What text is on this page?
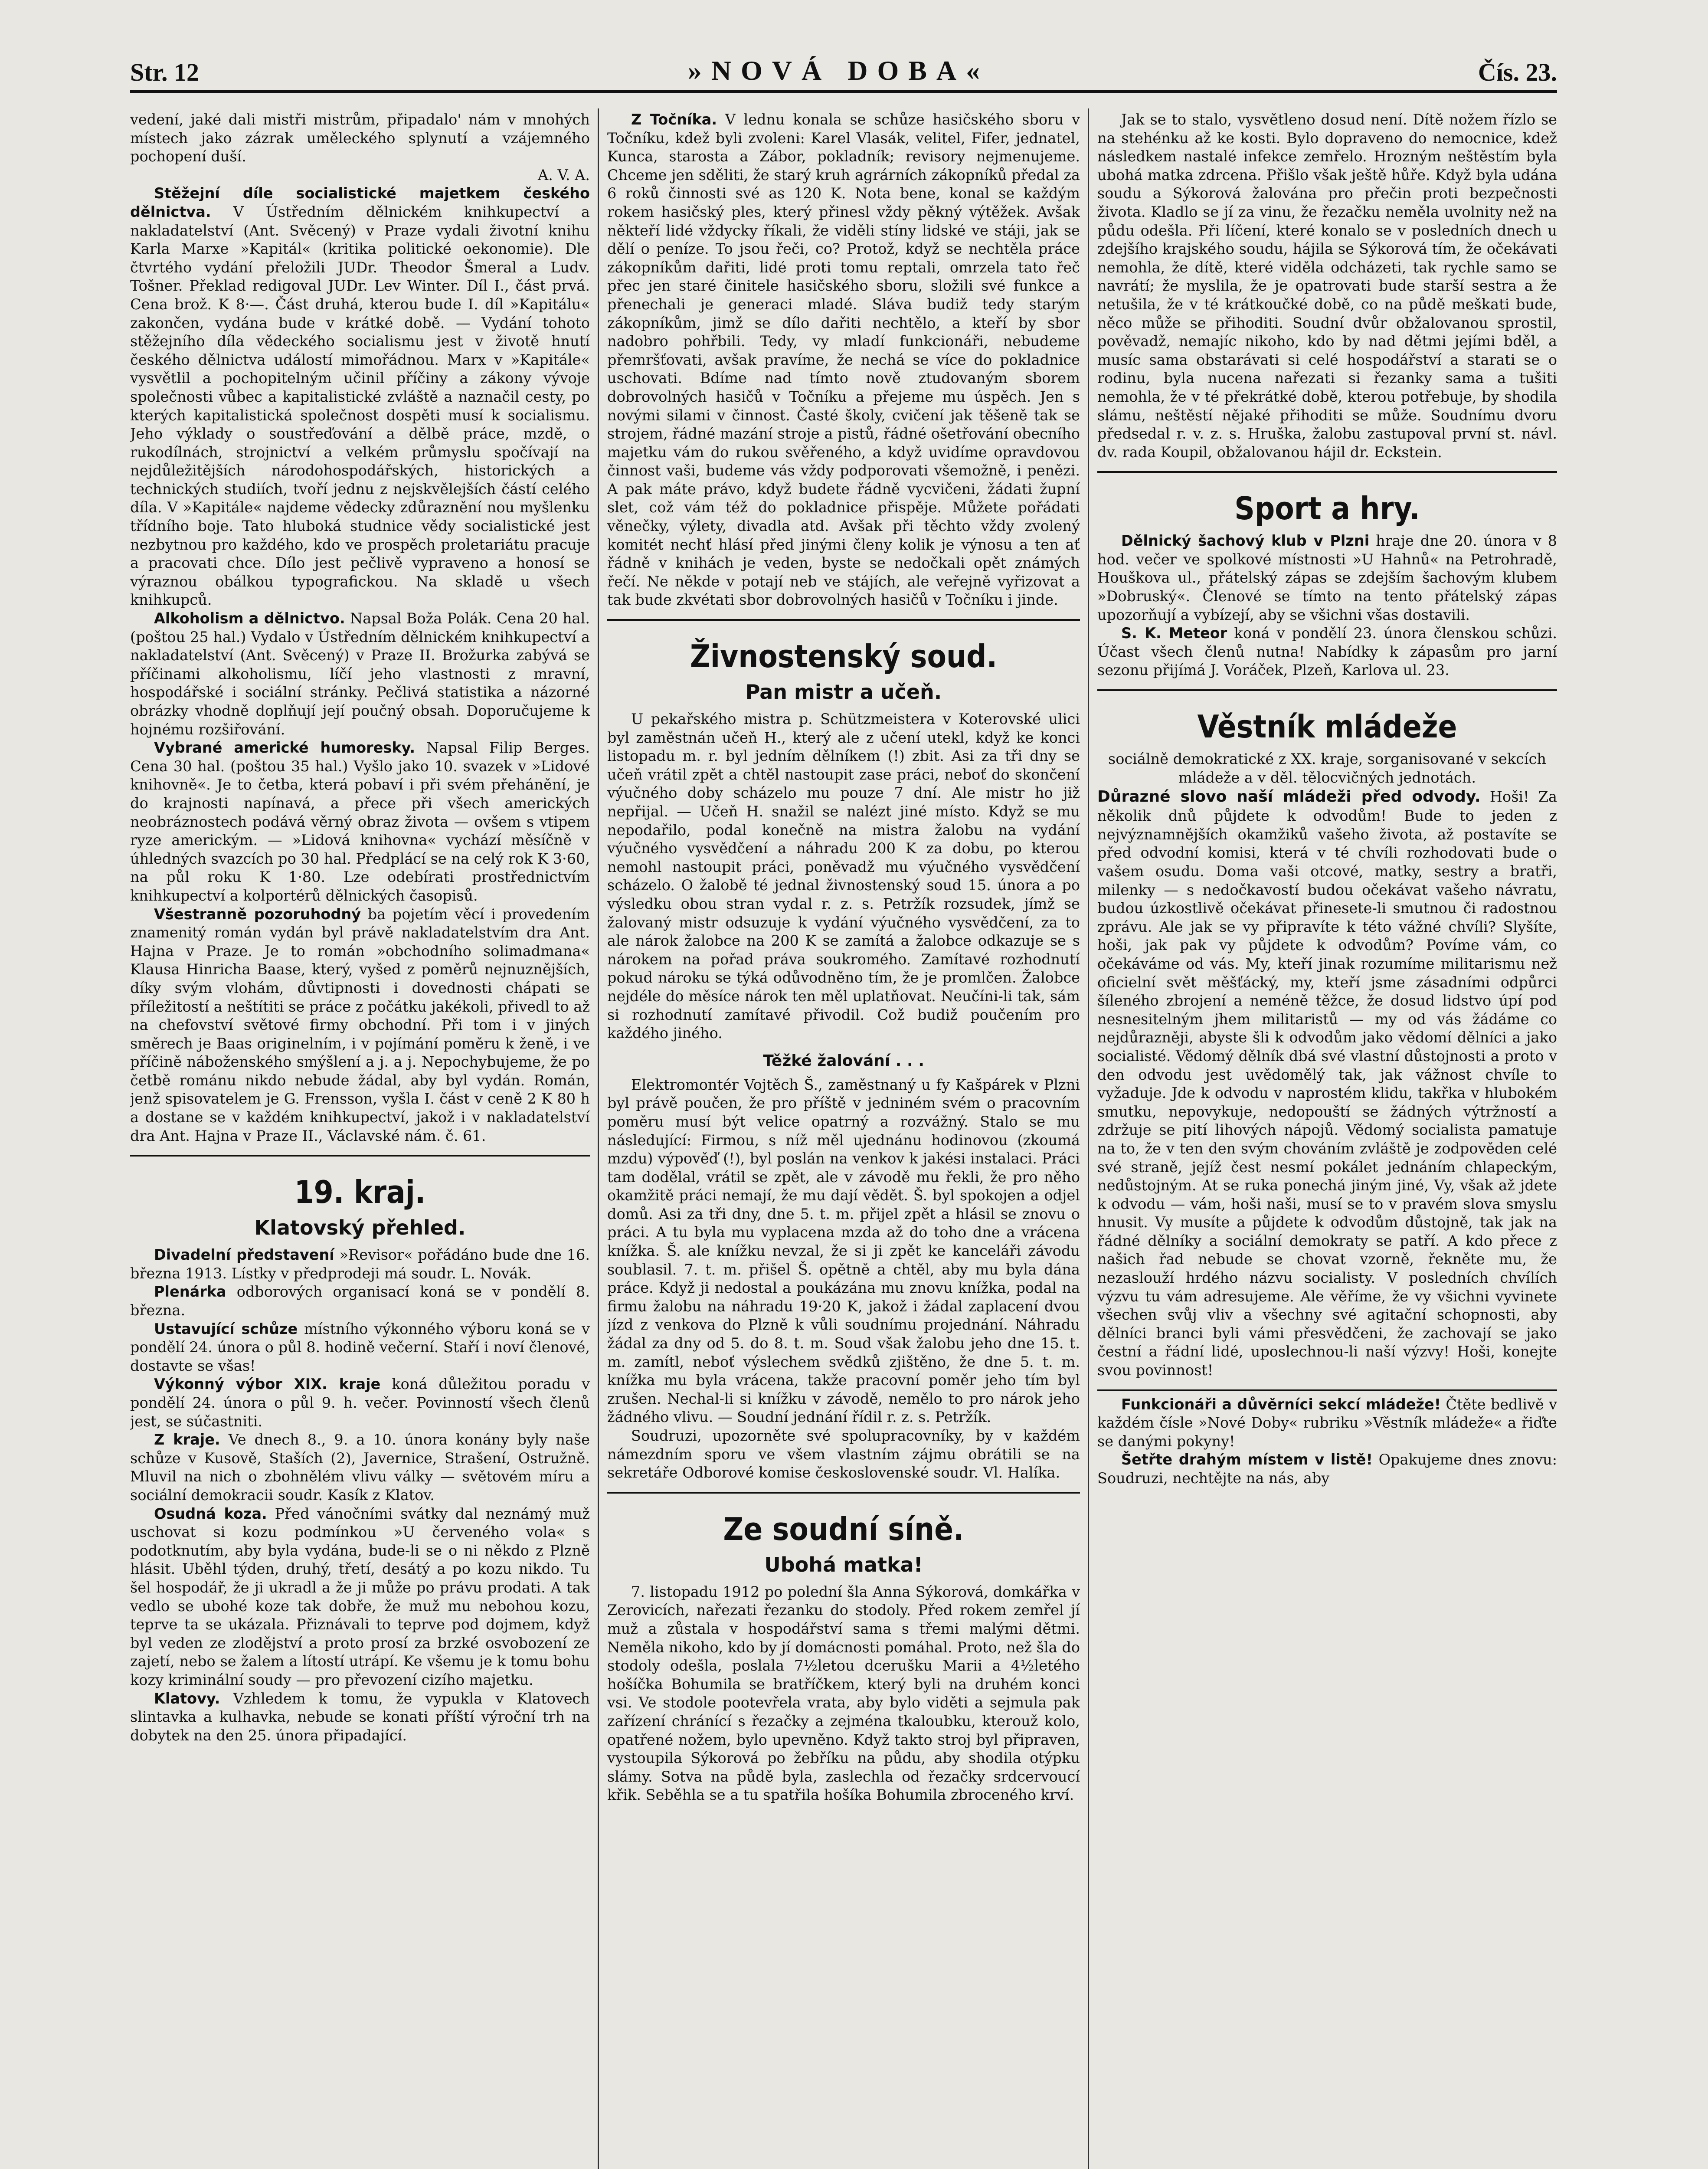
Str. 12	»NOVÁ DOBA«	Čís. 23.

vedení, jaké dali mistři mistrům, připadalo' nám v mnohých místech jako zázrak uměleckého splynutí a vzájemného pochopení duší.

A. V. A.

Stěžejní díle socialistické majetkem českého dělnictva. V Ústředním dělnickém knihkupectví a nakladatelství (Ant. Svěcený) v Praze vydali životní knihu Karla Marxe »Kapitál« (kritika politické oekonomie). Dle čtvrtého vydání přeložili JUDr. Theodor Šmeral a Ludv. Tošner. Překlad redigoval JUDr. Lev Winter. Díl I., část prvá. Cena brož. K 8·—. Část druhá, kterou bude I. díl »Kapitálu« zakončen, vydána bude v krátké době. — Vydání tohoto stěžejního díla vědeckého socialismu jest v životě hnutí českého dělnictva událostí mimořádnou. Marx v »Kapitále« vysvětlil a pochopitelným učinil příčiny a zákony vývoje společnosti vůbec a kapitalistické zvláště a naznačil cesty, po kterých kapitalistická společnost dospěti musí k socialismu. Jeho výklady o soustřeďování a dělbě práce, mzdě, o rukodílnách, strojnictví a velkém průmyslu spočívají na nejdůležitějších národohospodářských, historických a technických studiích, tvoří jednu z nejskvělejších částí celého díla. V »Kapitále« najdeme vědecky zdůraznění nou myšlenku třídního boje. Tato hluboká studnice vědy socialistické jest nezbytnou pro každého, kdo ve prospěch proletariátu pracuje a pracovati chce. Dílo jest pečlivě vypraveno a honosí se výraznou obálkou typografickou. Na skladě u všech knihkupců.

Alkoholism a dělnictvo. Napsal Boža Polák. Cena 20 hal. (poštou 25 hal.) Vydalo v Ústředním dělnickém knihkupectví a nakladatelství (Ant. Svěcený) v Praze II. Brožurka zabývá se příčinami alkoholismu, líčí jeho vlastnosti z mravní, hospodářské i sociální stránky. Pečlivá statistika a názorné obrázky vhodně doplňují její poučný obsah. Doporučujeme k hojnému rozšiřování.

Vybrané americké humoresky. Napsal Filip Berges. Cena 30 hal. (poštou 35 hal.) Vyšlo jako 10. svazek v »Lidové knihovně«. Je to četba, která pobaví i při svém přehánění, je do krajnosti napínavá, a přece při všech amerických neobráznostech podává věrný obraz života — ovšem s vtipem ryze americkým. — »Lidová knihovna« vychází měsíčně v úhledných svazcích po 30 hal. Předplácí se na celý rok K 3·60, na půl roku K 1·80. Lze odebírati prostřednictvím knihkupectví a kolportérů dělnických časopisů.

Všestranně pozoruhodný ba pojetím věcí i provedením znamenitý román vydán byl právě nakladatelstvím dra Ant. Hajna v Praze. Je to román »obchodního solimadmana« Klausa Hinricha Baase, který, vyšed z poměrů nejnuznějších, díky svým vlohám, důvtipnosti i dovednosti chápati se příležitostí a neštítiti se práce z počátku jakékoli, přivedl to až na chefovství světové firmy obchodní. Při tom i v jiných směrech je Baas originelním, i v pojímání poměru k ženě, i ve příčině náboženského smýšlení a j. a j. Nepochybujeme, že po četbě románu nikdo nebude žádal, aby byl vydán. Román, jenž spisovatelem je G. Frensson, vyšla I. část v ceně 2 K 80 h a dostane se v každém knihkupectví, jakož i v nakladatelství dra Ant. Hajna v Praze II., Václavské nám. č. 61.

19. kraj.
Klatovský přehled.

Divadelní představení »Revisor« pořádáno bude dne 16. března 1913. Lístky v předprodeji má soudr. L. Novák.

Plenárka odborových organisací koná se v pondělí 8. března.

Ustavující schůze místního výkonného výboru koná se v pondělí 24. února o půl 8. hodině večerní. Staří i noví členové, dostavte se všas!

Výkonný výbor XIX. kraje koná důležitou poradu v pondělí 24. února o půl 9. h. večer. Povinností všech členů jest, se súčastniti.

Z kraje. Ve dnech 8., 9. a 10. února konány byly naše schůze v Kusově, Staších (2), Javernice, Strašení, Ostružně. Mluvil na nich o zbohnělém vlivu války — světovém míru a sociální demokracii soudr. Kasík z Klatov.

Osudná koza. Před vánočními svátky dal neznámý muž uschovat si kozu podmínkou »U červeného vola« s podotknutím, aby byla vydána, bude-li se o ni někdo z Plzně hlásit. Uběhl týden, druhý, třetí, desátý a po kozu nikdo. Tu šel hospodář, že ji ukradl a že ji může po právu prodati. A tak vedlo se ubohé koze tak dobře, že muž mu nebohou kozu, teprve ta se ukázala. Přiznávali to teprve pod dojmem, když byl veden ze zlodějství a proto prosí za brzké osvobození ze zajetí, nebo se žalem a lítostí utrápí. Ke všemu je k tomu bohu kozy kriminální soudy — pro převození cizího majetku.

Klatovy. Vzhledem k tomu, že vypukla v Klatovech slintavka a kulhavka, nebude se konati příští výroční trh na dobytek na den 25. února připadající.

Z Točníka. V lednu konala se schůze hasičského sboru v Točníku, kdež byli zvoleni: Karel Vlasák, velitel, Fifer, jednatel, Kunca, starosta a Zábor, pokladník; revisory nejmenujeme. Chceme jen sděliti, že starý kruh agrárních zákopníků předal za 6 roků činnosti své as 120 K. Nota bene, konal se každým rokem hasičský ples, který přinesl vždy pěkný výtěžek. Avšak někteří lidé vždycky říkali, že viděli stíny lidské ve stáji, jak se dělí o peníze. To jsou řeči, co? Protož, když se nechtěla práce zákopníkům dařiti, lidé proti tomu reptali, omrzela tato řeč přec jen staré činitele hasičského sboru, složili své funkce a přenechali je generaci mladé. Sláva budiž tedy starým zákopníkům, jimž se dílo dařiti nechtělo, a kteří by sbor nadobro pohřbili. Tedy, vy mladí funkcionáři, nebudeme přemršťovati, avšak pravíme, že nechá se více do pokladnice uschovati. Bdíme nad tímto nově ztudovaným sborem dobrovolných hasičů v Točníku a přejeme mu úspěch. Jen s novými silami v činnost. Časté školy, cvičení jak těšeně tak se strojem, řádné mazání stroje a pistů, řádné ošetřování obecního majetku vám do rukou svěřeného, a když uvidíme opravdovou činnost vaši, budeme vás vždy podporovati všemožně, i penězi. A pak máte právo, když budete řádně vycvičeni, žádati župní slet, což vám též do pokladnice přispěje. Můžete pořádati věnečky, výlety, divadla atd. Avšak při těchto vždy zvolený komitét nechť hlásí před jinými členy kolik je výnosu a ten ať řádně v knihách je veden, byste se nedočkali opět známých řečí. Ne někde v potají neb ve stájích, ale veřejně vyřizovat a tak bude zkvétati sbor dobrovolných hasičů v Točníku i jinde.

Živnostenský soud.
Pan mistr a učeň.

U pekařského mistra p. Schützmeistera v Koterovské ulici byl zaměstnán učeň H., který ale z učení utekl, když ke konci listopadu m. r. byl jedním dělníkem (!) zbit. Asi za tři dny se učeň vrátil zpět a chtěl nastoupit zase práci, neboť do skončení výučného doby scházelo mu pouze 7 dní. Ale mistr ho již nepřijal. — Učeň H. snažil se nalézt jiné místo. Když se mu nepodařilo, podal konečně na mistra žalobu na vydání výučného vysvědčení a náhradu 200 K za dobu, po kterou nemohl nastoupit práci, poněvadž mu výučného vysvědčení scházelo. O žalobě té jednal živnostenský soud 15. února a po výsledku obou stran vydal r. z. s. Petržík rozsudek, jímž se žalovaný mistr odsuzuje k vydání výučného vysvědčení, za to ale nárok žalobce na 200 K se zamítá a žalobce odkazuje se s nárokem na pořad práva soukromého. Zamítavé rozhodnutí pokud nároku se týká odůvodněno tím, že je promlčen. Žalobce nejdéle do měsíce nárok ten měl uplatňovat. Neučíni-li tak, sám si rozhodnutí zamítavé přivodil. Což budiž poučením pro každého jiného.

Těžké žalování . . .

Elektromontér Vojtěch Š., zaměstnaný u fy Kašpárek v Plzni byl právě poučen, že pro příště v jedniném svém o pracovním poměru musí být velice opatrný a rozvážný. Stalo se mu následující: Firmou, s níž měl ujednánu hodinovou (zkoumá mzdu) výpověď (!), byl poslán na venkov k jakési instalaci. Práci tam dodělal, vrátil se zpět, ale v závodě mu řekli, že pro něho okamžitě práci nemají, že mu dají vědět. Š. byl spokojen a odjel domů. Asi za tři dny, dne 5. t. m. přijel zpět a hlásil se znovu o práci. A tu byla mu vyplacena mzda až do toho dne a vrácena knížka. Š. ale knížku nevzal, že si ji zpět ke kanceláři závodu soublasil. 7. t. m. přišel Š. opětně a chtěl, aby mu byla dána práce. Když ji nedostal a poukázána mu znovu knížka, podal na firmu žalobu na náhradu 19·20 K, jakož i žádal zaplacení dvou jízd z venkova do Plzně k vůli soudnímu projednání. Náhradu žádal za dny od 5. do 8. t. m. Soud však žalobu jeho dne 15. t. m. zamítl, neboť výslechem svědků zjištěno, že dne 5. t. m. knížka mu byla vrácena, takže pracovní poměr jeho tím byl zrušen. Nechal-li si knížku v závodě, nemělo to pro nárok jeho žádného vlivu. — Soudní jednání řídil r. z. s. Petržík.

Soudruzi, upozorněte své spolupracovníky, by v každém námezdním sporu ve všem vlastním zájmu obrátili se na sekretáře Odborové komise československé soudr. Vl. Halíka.

Ze soudní síně.
Ubohá matka!

7. listopadu 1912 po polední šla Anna Sýkorová, domkářka v Zerovicích, nařezati řezanku do stodoly. Před rokem zemřel jí muž a zůstala v hospodářství sama s třemi malými dětmi. Neměla nikoho, kdo by jí domácnosti pomáhal. Proto, než šla do stodoly odešla, poslala 7½letou dcerušku Marii a 4½letého hošíčka Bohumila se bratříčkem, který byli na druhém konci vsi. Ve stodole pootevřela vrata, aby bylo viděti a sejmula pak zařízení chránící s řezačky a zejména tkaloubku, kterouž kolo, opatřené nožem, bylo upevněno. Když takto stroj byl připraven, vystoupila Sýkorová po žebříku na půdu, aby shodila otýpku slámy. Sotva na půdě byla, zaslechla od řezačky srdcervoucí křik. Seběhla se a tu spatřila hošíka Bohumila zbroceného krví.

Jak se to stalo, vysvětleno dosud není. Dítě nožem řízlo se na stehénku až ke kosti. Bylo dopraveno do nemocnice, kdež následkem nastalé infekce zemřelo. Hrozným neštěstím byla ubohá matka zdrcena. Přišlo však ještě hůře. Když byla udána soudu a Sýkorová žalována pro přečin proti bezpečnosti života. Kladlo se jí za vinu, že řezačku neměla uvolnity než na půdu odešla. Při líčení, které konalo se v posledních dnech u zdejšího krajského soudu, hájila se Sýkorová tím, že očekávati nemohla, že dítě, které viděla odcházeti, tak rychle samo se navrátí; že myslila, že je opatrovati bude starší sestra a že netušila, že v té krátkoučké době, co na půdě meškati bude, něco může se přihoditi. Soudní dvůr obžalovanou sprostil, pověvadž, nemajíc nikoho, kdo by nad dětmi jejími bděl, a musíc sama obstarávati si celé hospodářství a starati se o rodinu, byla nucena nařezati si řezanky sama a tušiti nemohla, že v té překrátké době, kterou potřebuje, by shodila slámu, neštěstí nějaké přihoditi se může. Soudnímu dvoru předsedal r. v. z. s. Hruška, žalobu zastupoval první st. návl. dv. rada Koupil, obžalovanou hájil dr. Eckstein.

Sport a hry.

Dělnický šachový klub v Plzni hraje dne 20. února v 8 hod. večer ve spolkové místnosti »U Hahnů« na Petrohradě, Houškova ul., přátelský zápas se zdejším šachovým klubem »Dobruský«. Členové se tímto na tento přátelský zápas upozorňují a vybízejí, aby se všichni všas dostavili.

S. K. Meteor koná v pondělí 23. února členskou schůzi. Účast všech členů nutna! Nabídky k zápasům pro jarní sezonu přijímá J. Voráček, Plzeň, Karlova ul. 23.

Věstník mládeže

sociálně demokratické z XX. kraje, sorganisované v sekcích mládeže a v děl. tělocvičných jednotách.

Důrazné slovo naší mládeži před odvody. Hoši! Za několik dnů půjdete k odvodům! Bude to jeden z nejvýznamnějších okamžiků vašeho života, až postavíte se před odvodní komisi, která v té chvíli rozhodovati bude o vašem osudu. Doma vaši otcové, matky, sestry a bratři, milenky — s nedočkavostí budou očekávat vašeho návratu, budou úzkostlivě očekávat přinesete-li smutnou či radostnou zprávu. Ale jak se vy připravíte k této vážné chvíli? Slyšíte, hoši, jak pak vy půjdete k odvodům? Povíme vám, co očekáváme od vás. My, kteří jinak rozumíme militarismu než oficielní svět měšťácký, my, kteří jsme zásadními odpůrci šíleného zbrojení a neméně těžce, že dosud lidstvo úpí pod nesnesitelným jhem militaristů — my od vás žádáme co nejdůrazněji, abyste šli k odvodům jako vědomí dělníci a jako socialisté. Vědomý dělník dbá své vlastní důstojnosti a proto v den odvodu jest uvědomělý tak, jak vážnost chvíle to vyžaduje. Jde k odvodu v naprostém klidu, takřka v hlubokém smutku, nepovykuje, nedopouští se žádných výtržností a zdržuje se pití lihových nápojů. Vědomý socialista pamatuje na to, že v ten den svým chováním zvláště je zodpověden celé své straně, jejíž čest nesmí pokálet jednáním chlapeckým, nedůstojným. At se ruka ponechá jiným jiné, Vy, však až jdete k odvodu — vám, hoši naši, musí se to v pravém slova smyslu hnusit. Vy musíte a půjdete k odvodům důstojně, tak jak na řádné dělníky a sociální demokraty se patří. A kdo přece z našich řad nebude se chovat vzorně, řekněte mu, že nezaslouží hrdého názvu socialisty. V posledních chvílích výzvu tu vám adresujeme. Ale věříme, že vy všichni vyvinete všechen svůj vliv a všechny své agitační schopnosti, aby dělníci branci byli vámi přesvědčeni, že zachovají se jako čestní a řádní lidé, uposlechnou-li naší výzvy! Hoši, konejte svou povinnost!

Funkcionáři a důvěrníci sekcí mládeže! Čtěte bedlivě v každém čísle »Nové Doby« rubriku »Věstník mládeže« a řiďte se danými pokyny!

Šetřte drahým místem v listě! Opakujeme dnes znovu: Soudruzi, nechtějte na nás, aby
